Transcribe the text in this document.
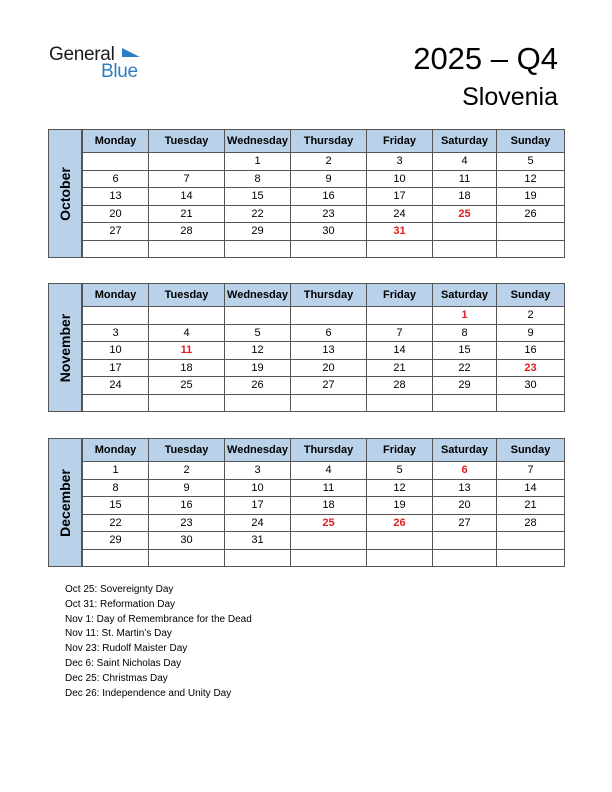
General
Blue	2025 – Q4
Slovenia
October
Monday	Tuesday	Wednesday	Thursday	Friday	Saturday	Sunday
		1	2	3	4	5
6	7	8	9	10	11	12
13	14	15	16	17	18	19
20	21	22	23	24	25	26
27	28	29	30	31		

November
Monday	Tuesday	Wednesday	Thursday	Friday	Saturday	Sunday
					1	2
3	4	5	6	7	8	9
10	11	12	13	14	15	16
17	18	19	20	21	22	23
24	25	26	27	28	29	30

December
Monday	Tuesday	Wednesday	Thursday	Friday	Saturday	Sunday
1	2	3	4	5	6	7
8	9	10	11	12	13	14
15	16	17	18	19	20	21
22	23	24	25	26	27	28
29	30	31				

Oct 25: Sovereignty Day
Oct 31: Reformation Day
Nov 1: Day of Remembrance for the Dead
Nov 11: St. Martin’s Day
Nov 23: Rudolf Maister Day
Dec 6: Saint Nicholas Day
Dec 25: Christmas Day
Dec 26: Independence and Unity Day
